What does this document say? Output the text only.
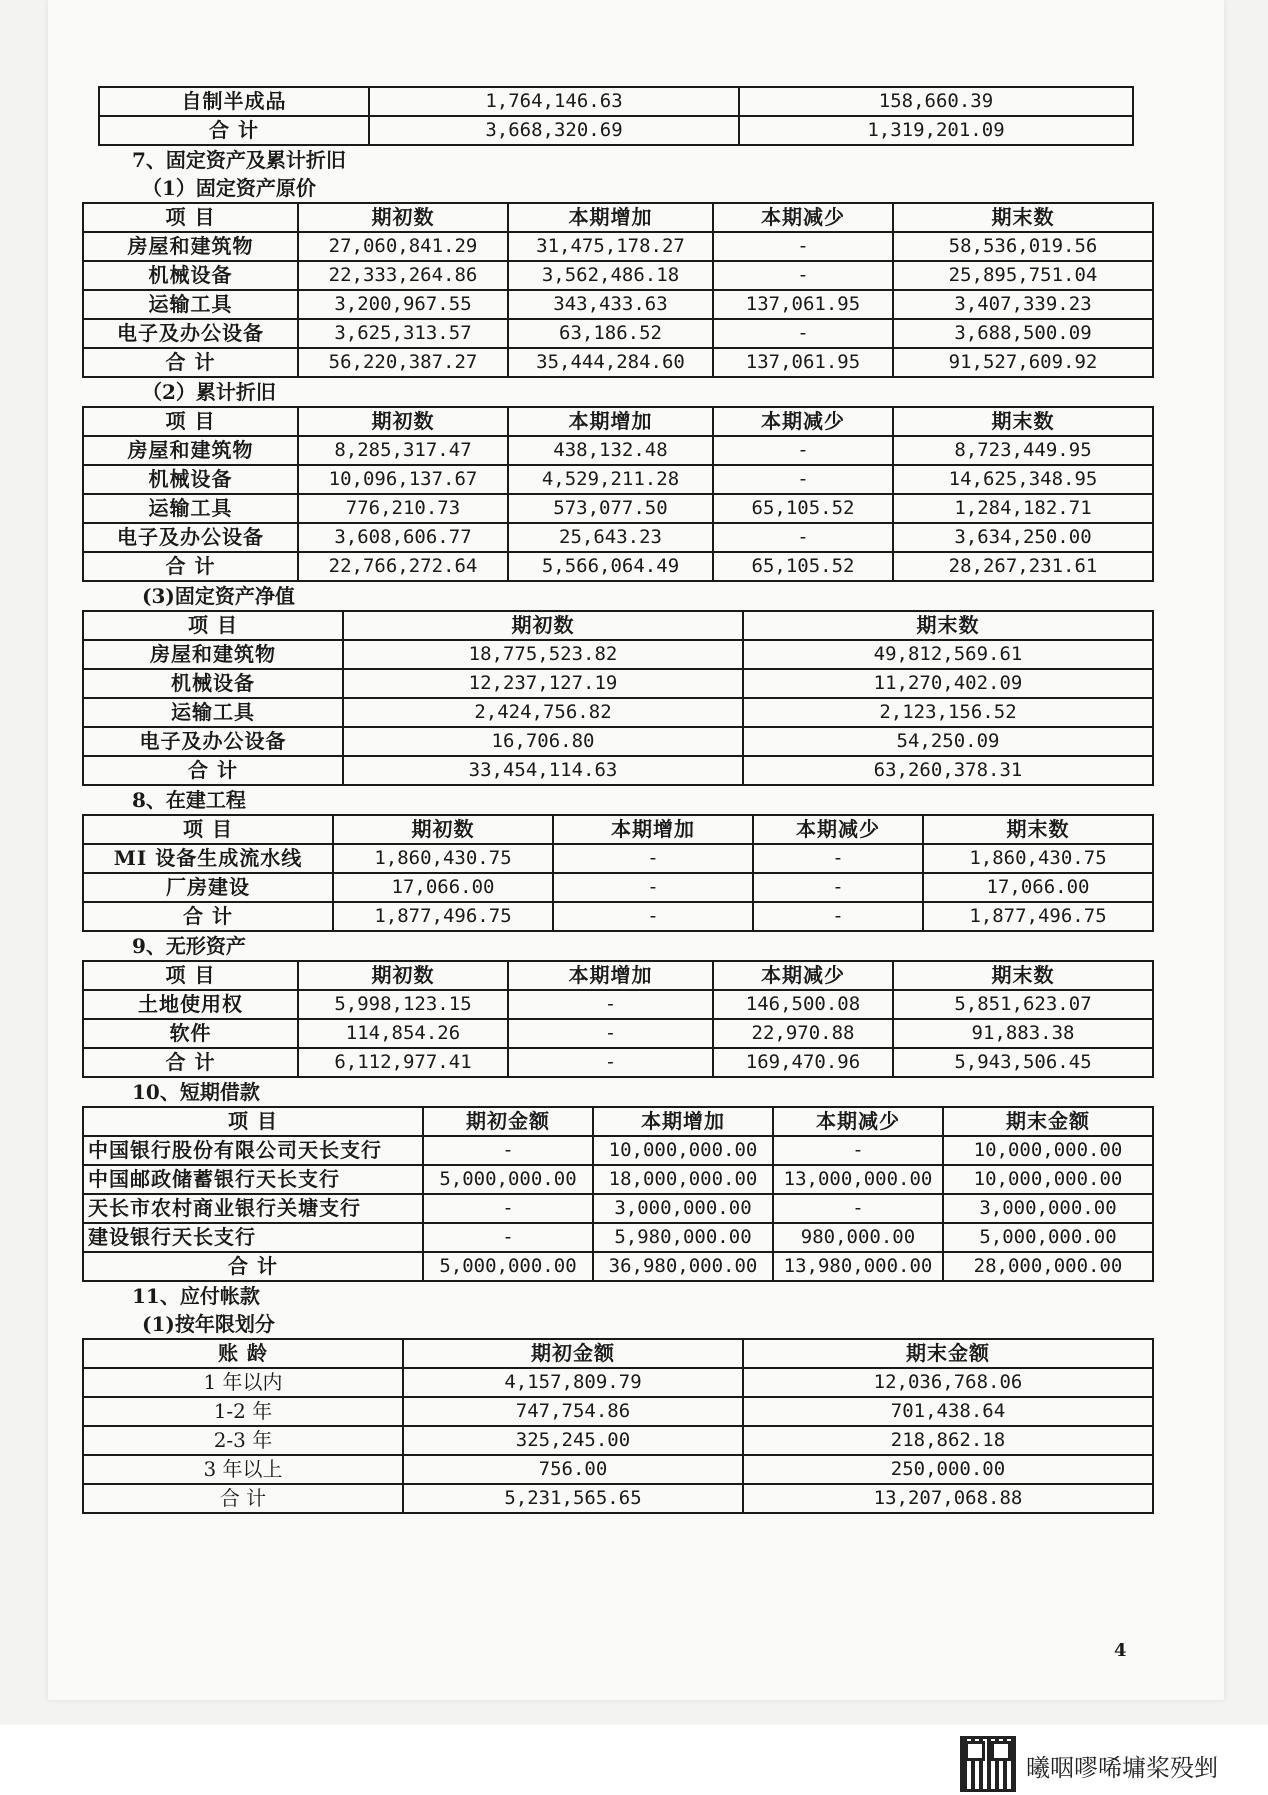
自制半成品	1,764,146.63	158,660.39
合 计	3,668,320.69	1,319,201.09
7、固定资产及累计折旧
（1）固定资产原价
项 目	期初数	本期增加	本期减少	期末数
房屋和建筑物	27,060,841.29	31,475,178.27	-	58,536,019.56
机械设备	22,333,264.86	3,562,486.18	-	25,895,751.04
运输工具	3,200,967.55	343,433.63	137,061.95	3,407,339.23
电子及办公设备	3,625,313.57	63,186.52	-	3,688,500.09
合 计	56,220,387.27	35,444,284.60	137,061.95	91,527,609.92
（2）累计折旧
项 目	期初数	本期增加	本期减少	期末数
房屋和建筑物	8,285,317.47	438,132.48	-	8,723,449.95
机械设备	10,096,137.67	4,529,211.28	-	14,625,348.95
运输工具	776,210.73	573,077.50	65,105.52	1,284,182.71
电子及办公设备	3,608,606.77	25,643.23	-	3,634,250.00
合 计	22,766,272.64	5,566,064.49	65,105.52	28,267,231.61
(3)固定资产净值
项 目	期初数	期末数
房屋和建筑物	18,775,523.82	49,812,569.61
机械设备	12,237,127.19	11,270,402.09
运输工具	2,424,756.82	2,123,156.52
电子及办公设备	16,706.80	54,250.09
合 计	33,454,114.63	63,260,378.31
8、在建工程
项 目	期初数	本期增加	本期减少	期末数
MI 设备生成流水线	1,860,430.75	-	-	1,860,430.75
厂房建设	17,066.00	-	-	17,066.00
合 计	1,877,496.75	-	-	1,877,496.75
9、无形资产
项 目	期初数	本期增加	本期减少	期末数
土地使用权	5,998,123.15	-	146,500.08	5,851,623.07
软件	114,854.26	-	22,970.88	91,883.38
合 计	6,112,977.41	-	169,470.96	5,943,506.45
10、短期借款
项 目	期初金额	本期增加	本期减少	期末金额
中国银行股份有限公司天长支行	-	10,000,000.00	-	10,000,000.00
中国邮政储蓄银行天长支行	5,000,000.00	18,000,000.00	13,000,000.00	10,000,000.00
天长市农村商业银行关塘支行	-	3,000,000.00	-	3,000,000.00
建设银行天长支行	-	5,980,000.00	980,000.00	5,000,000.00
合 计	5,000,000.00	36,980,000.00	13,980,000.00	28,000,000.00
11、应付帐款
(1)按年限划分
账 龄	期初金额	期末金额
1 年以内	4,157,809.79	12,036,768.06
1-2 年	747,754.86	701,438.64
2-3 年	325,245.00	218,862.18
3 年以上	756.00	250,000.00
合 计	5,231,565.65	13,207,068.88
4
曦咽嘐唏墉桨殁剉
